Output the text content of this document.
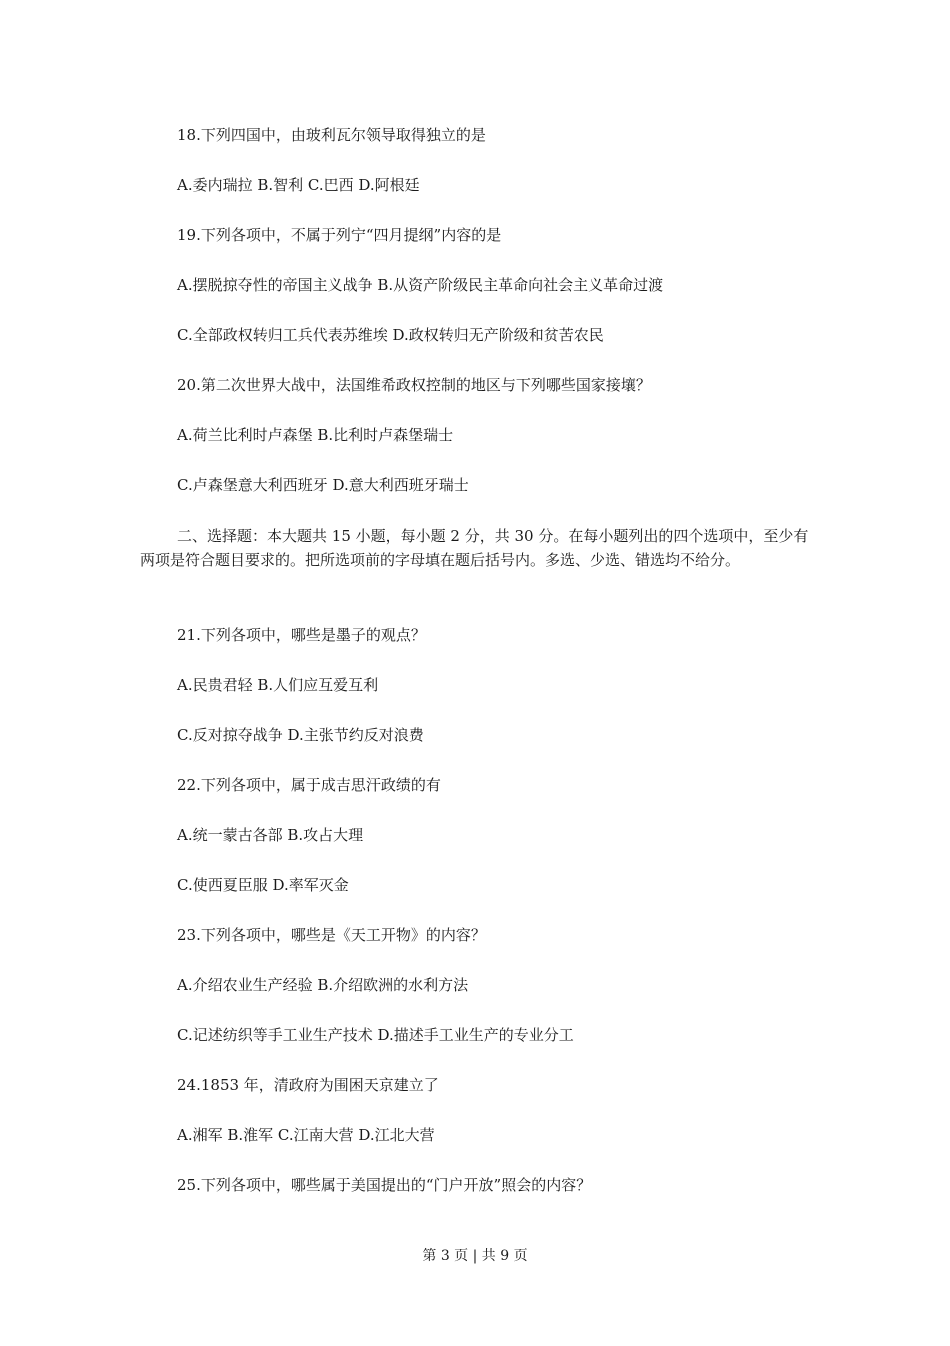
18.下列四国中，由玻利瓦尔领导取得独立的是
A.委内瑞拉 B.智利 C.巴西 D.阿根廷
19.下列各项中，不属于列宁“四月提纲”内容的是
A.摆脱掠夺性的帝国主义战争 B.从资产阶级民主革命向社会主义革命过渡
C.全部政权转归工兵代表苏维埃 D.政权转归无产阶级和贫苦农民
20.第二次世界大战中，法国维希政权控制的地区与下列哪些国家接壤？
A.荷兰比利时卢森堡 B.比利时卢森堡瑞士
C.卢森堡意大利西班牙 D.意大利西班牙瑞士
二、选择题：本大题共 15 小题，每小题 2 分，共 30 分。在每小题列出的四个选项中，至少有两项是符合题目要求的。把所选项前的字母填在题后括号内。多选、少选、错选均不给分。
21.下列各项中，哪些是墨子的观点？
A.民贵君轻 B.人们应互爱互利
C.反对掠夺战争 D.主张节约反对浪费
22.下列各项中，属于成吉思汗政绩的有
A.统一蒙古各部 B.攻占大理
C.使西夏臣服 D.率军灭金
23.下列各项中，哪些是《天工开物》的内容？
A.介绍农业生产经验 B.介绍欧洲的水利方法
C.记述纺织等手工业生产技术 D.描述手工业生产的专业分工
24.1853 年，清政府为围困天京建立了
A.湘军 B.淮军 C.江南大营 D.江北大营
25.下列各项中，哪些属于美国提出的“门户开放”照会的内容？
第 3 页 | 共 9 页
